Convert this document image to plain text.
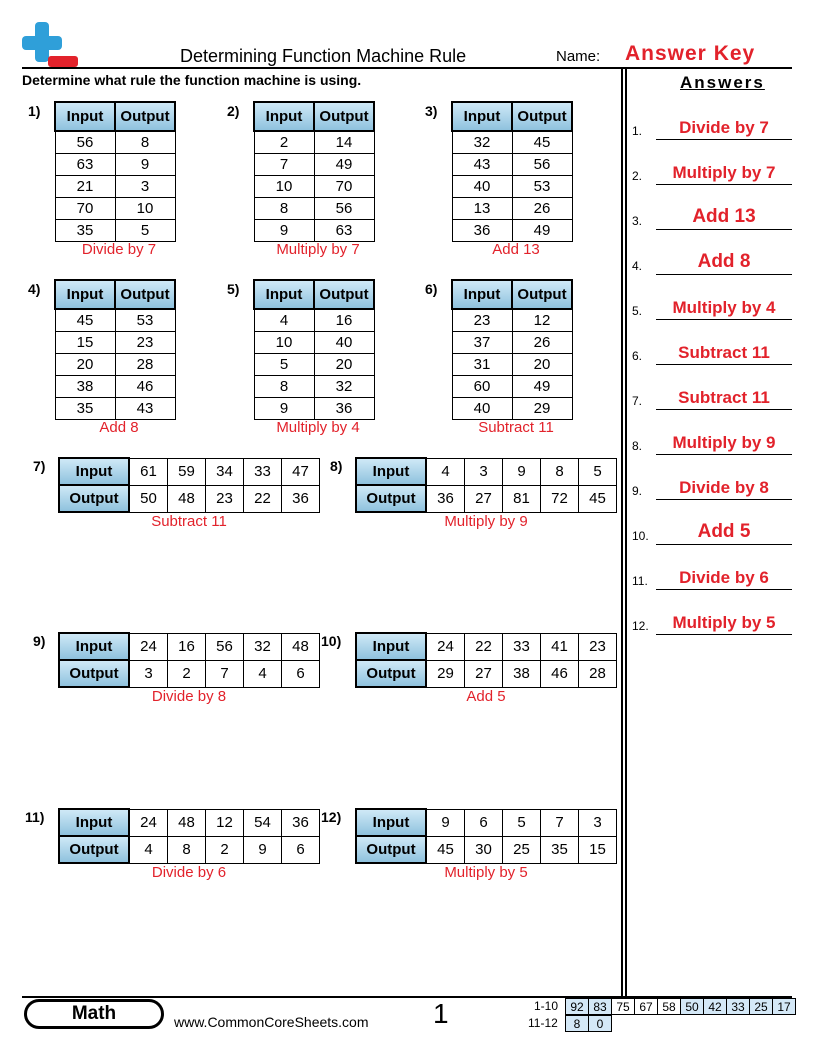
Determining Function Machine Rule	Name: Answer Key
Determine what rule the function machine is using.	Answers
1) Input	Output
56	8
63	9
21	3
70	10
35	5
Divide by 7
2) Input	Output
2	14
7	49
10	70
8	56
9	63
Multiply by 7
3) Input	Output
32	45
43	56
40	53
13	26
36	49
Add 13
4) Input	Output
45	53
15	23
20	28
38	46
35	43
Add 8
5) Input	Output
4	16
10	40
5	20
8	32
9	36
Multiply by 4
6) Input	Output
23	12
37	26
31	20
60	49
40	29
Subtract 11
7) Input	61	59	34	33	47
Output	50	48	23	22	36
Subtract 11
8) Input	4	3	9	8	5
Output	36	27	81	72	45
Multiply by 9
9) Input	24	16	56	32	48
Output	3	2	7	4	6
Divide by 8
10) Input	24	22	33	41	23
Output	29	27	38	46	28
Add 5
11) Input	24	48	12	54	36
Output	4	8	2	9	6
Divide by 6
12) Input	9	6	5	7	3
Output	45	30	25	35	15
Multiply by 5
1.	Divide by 7
2.	Multiply by 7
3.	Add 13
4.	Add 8
5.	Multiply by 4
6.	Subtract 11
7.	Subtract 11
8.	Multiply by 9
9.	Divide by 8
10.	Add 5
11.	Divide by 6
12.	Multiply by 5
Math	www.CommonCoreSheets.com 1	1-10 92	83	75	67	58	50	42	33	25	17
11-12 8	0
